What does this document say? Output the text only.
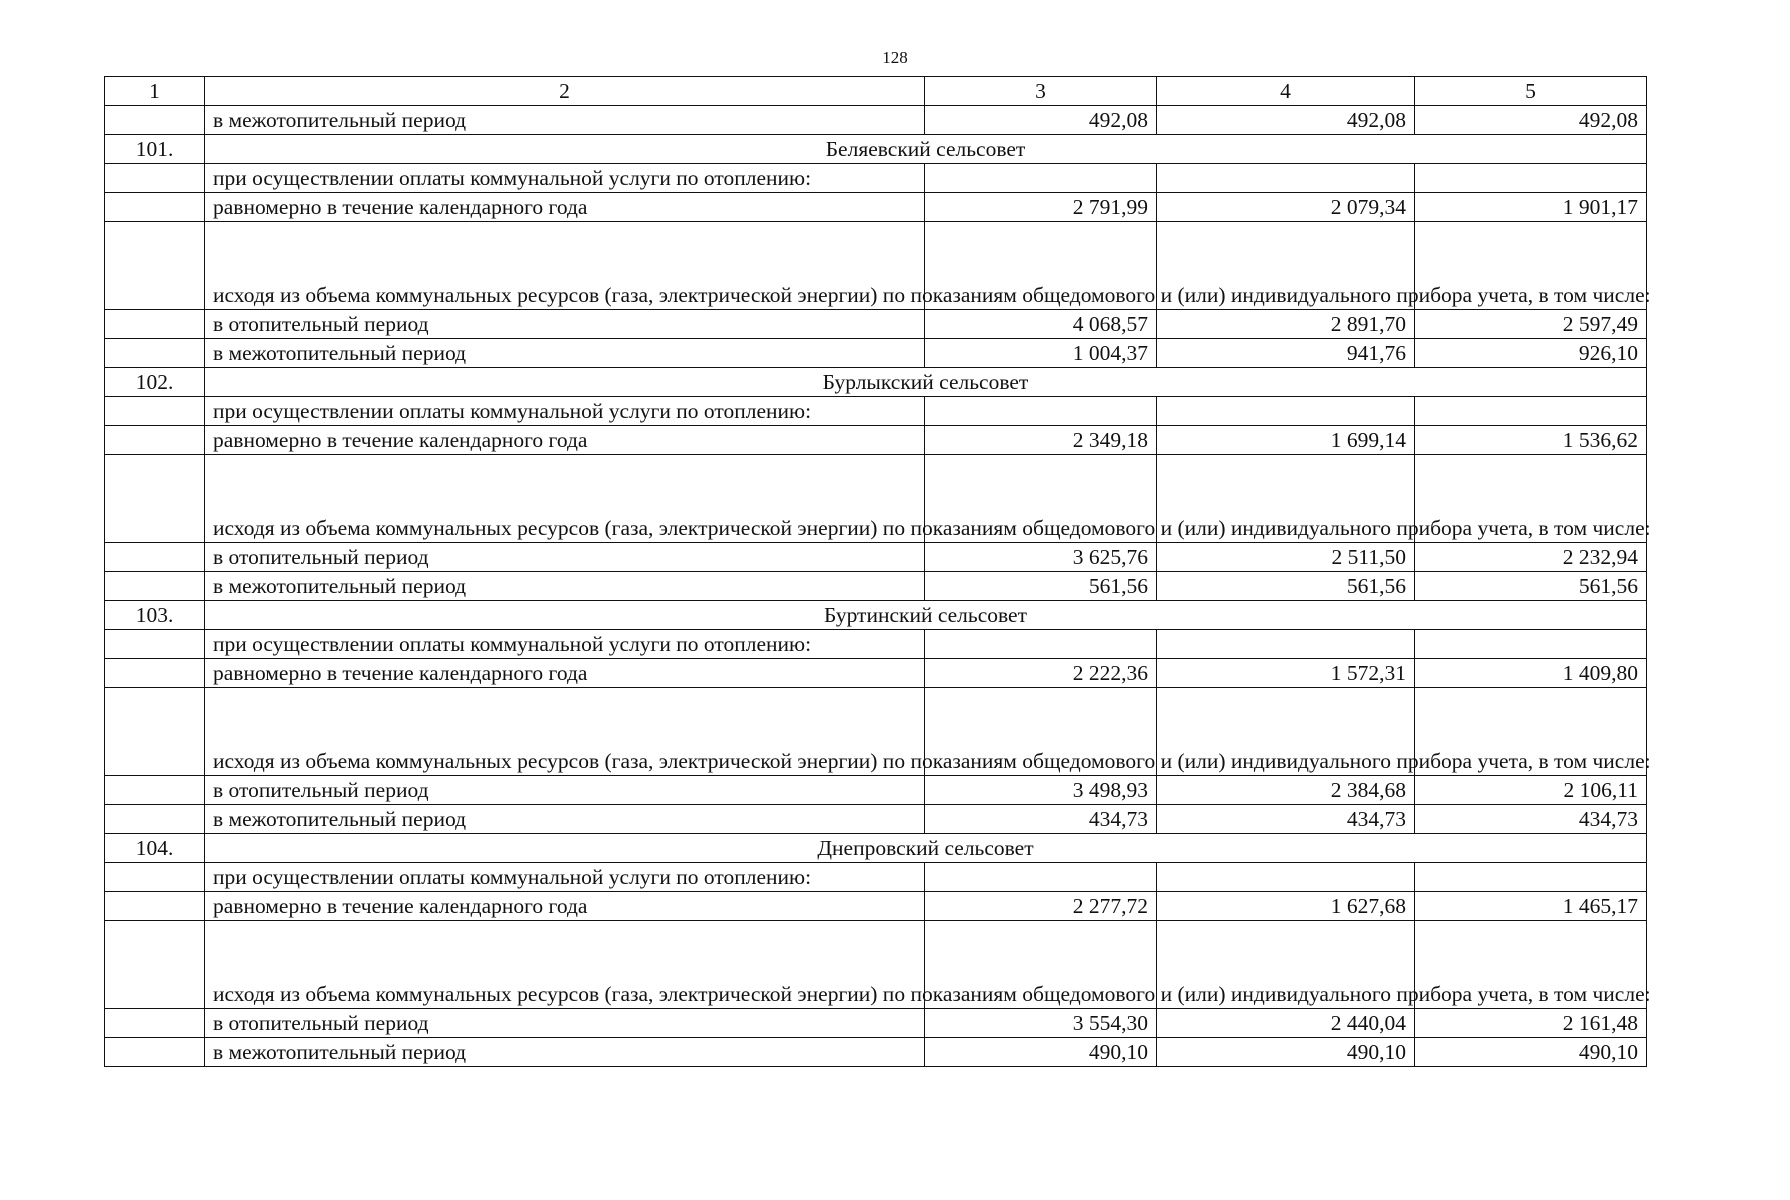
128
1	2	3	4	5
	в межотопительный период	492,08	492,08	492,08
101.	Беляевский сельсовет			
	при осуществлении оплаты коммунальной услуги по отоплению:			
	равномерно в течение календарного года	2 791,99	2 079,34	1 901,17
	исходя из объема коммунальных ресурсов (газа, электрической энергии) по показаниям общедомового и (или) индивидуального прибора учета, в том числе:			
	в отопительный период	4 068,57	2 891,70	2 597,49
	в межотопительный период	1 004,37	941,76	926,10
102.	Бурлыкский сельсовет			
	при осуществлении оплаты коммунальной услуги по отоплению:			
	равномерно в течение календарного года	2 349,18	1 699,14	1 536,62
	исходя из объема коммунальных ресурсов (газа, электрической энергии) по показаниям общедомового и (или) индивидуального прибора учета, в том числе:			
	в отопительный период	3 625,76	2 511,50	2 232,94
	в межотопительный период	561,56	561,56	561,56
103.	Буртинский сельсовет			
	при осуществлении оплаты коммунальной услуги по отоплению:			
	равномерно в течение календарного года	2 222,36	1 572,31	1 409,80
	исходя из объема коммунальных ресурсов (газа, электрической энергии) по показаниям общедомового и (или) индивидуального прибора учета, в том числе:			
	в отопительный период	3 498,93	2 384,68	2 106,11
	в межотопительный период	434,73	434,73	434,73
104.	Днепровский сельсовет			
	при осуществлении оплаты коммунальной услуги по отоплению:			
	равномерно в течение календарного года	2 277,72	1 627,68	1 465,17
	исходя из объема коммунальных ресурсов (газа, электрической энергии) по показаниям общедомового и (или) индивидуального прибора учета, в том числе:			
	в отопительный период	3 554,30	2 440,04	2 161,48
	в межотопительный период	490,10	490,10	490,10
